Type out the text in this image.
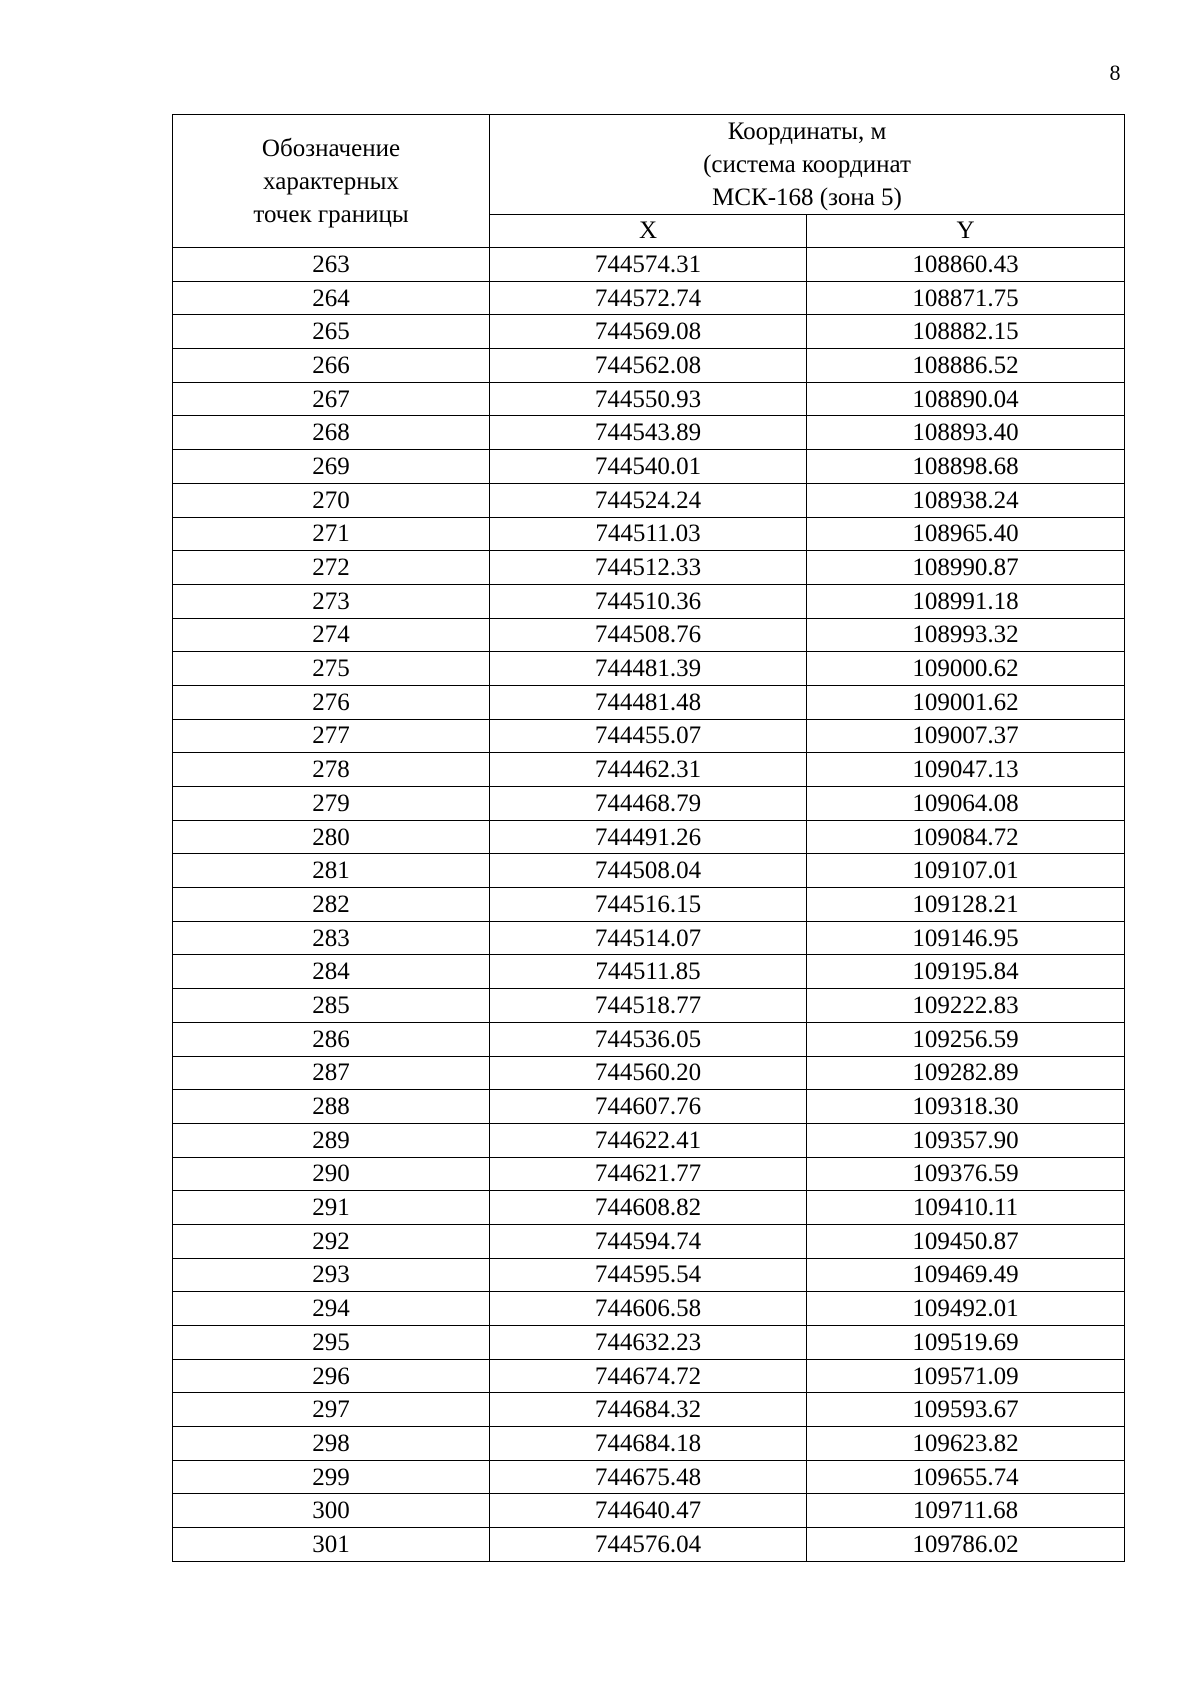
8
Обозначение
характерных
точек границы	Координаты, м
(система координат
МСК-168 (зона 5)	

	X	Y
263	744574.31	108860.43
264	744572.74	108871.75
265	744569.08	108882.15
266	744562.08	108886.52
267	744550.93	108890.04
268	744543.89	108893.40
269	744540.01	108898.68
270	744524.24	108938.24
271	744511.03	108965.40
272	744512.33	108990.87
273	744510.36	108991.18
274	744508.76	108993.32
275	744481.39	109000.62
276	744481.48	109001.62
277	744455.07	109007.37
278	744462.31	109047.13
279	744468.79	109064.08
280	744491.26	109084.72
281	744508.04	109107.01
282	744516.15	109128.21
283	744514.07	109146.95
284	744511.85	109195.84
285	744518.77	109222.83
286	744536.05	109256.59
287	744560.20	109282.89
288	744607.76	109318.30
289	744622.41	109357.90
290	744621.77	109376.59
291	744608.82	109410.11
292	744594.74	109450.87
293	744595.54	109469.49
294	744606.58	109492.01
295	744632.23	109519.69
296	744674.72	109571.09
297	744684.32	109593.67
298	744684.18	109623.82
299	744675.48	109655.74
300	744640.47	109711.68
301	744576.04	109786.02
